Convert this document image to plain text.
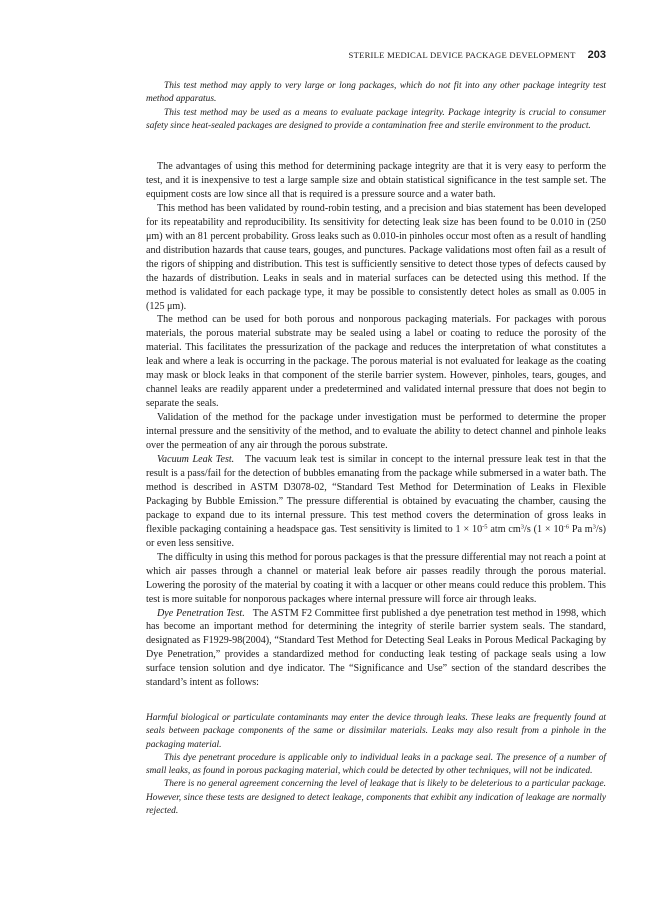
STERILE MEDICAL DEVICE PACKAGE DEVELOPMENT 203

This test method may apply to very large or long packages, which do not fit into any other package integrity test method apparatus.

This test method may be used as a means to evaluate package integrity. Package integrity is crucial to consumer safety since heat-sealed packages are designed to provide a contamination free and sterile environment to the product.

The advantages of using this method for determining package integrity are that it is very easy to perform the test, and it is inexpensive to test a large sample size and obtain statistical significance in the test sample set. The equipment costs are low since all that is required is a pressure source and a water bath.

This method has been validated by round-robin testing, and a precision and bias statement has been developed for its repeatability and reproducibility. Its sensitivity for detecting leak size has been found to be 0.010 in (250 μm) with an 81 percent probability. Gross leaks such as 0.010-in pinholes occur most often as a result of handling and distribution hazards that cause tears, gouges, and punctures. Package validations most often fail as a result of the rigors of shipping and distribution. This test is sufficiently sensitive to detect those types of defects caused by the hazards of distribution. Leaks in seals and in material surfaces can be detected using this method. If the method is validated for each package type, it may be possible to consistently detect holes as small as 0.005 in (125 μm).

The method can be used for both porous and nonporous packaging materials. For packages with porous materials, the porous material substrate may be sealed using a label or coating to reduce the porosity of the material. This facilitates the pressurization of the package and reduces the interpretation of what constitutes a leak and where a leak is occurring in the package. The porous material is not evaluated for leakage as the coating may mask or block leaks in that component of the sterile barrier system. However, pinholes, tears, gouges, and channel leaks are readily apparent under a predetermined and validated internal pressure that does not begin to separate the seals.

Validation of the method for the package under investigation must be performed to determine the proper internal pressure and the sensitivity of the method, and to evaluate the ability to detect channel and pinhole leaks over the permeation of any air through the porous substrate.

Vacuum Leak Test. The vacuum leak test is similar in concept to the internal pressure leak test in that the result is a pass/fail for the detection of bubbles emanating from the package while submersed in a water bath. The method is described in ASTM D3078-02, “Standard Test Method for Determination of Leaks in Flexible Packaging by Bubble Emission.” The pressure differential is obtained by evacuating the chamber, causing the package to expand due to its internal pressure. This test method covers the determination of gross leaks in flexible packaging containing a headspace gas. Test sensitivity is limited to $1 \times 10^{-5}$ atm $cm^3/s$ ($1 \times 10^{-6}$ Pa $m^3/s$) or even less sensitive.

The difficulty in using this method for porous packages is that the pressure differential may not reach a point at which air passes through a channel or material leak before air passes readily through the porous material. Lowering the porosity of the material by coating it with a lacquer or other means could reduce this problem. This test is more suitable for nonporous packages where internal pressure will force air through leaks.

Dye Penetration Test. The ASTM F2 Committee first published a dye penetration test method in 1998, which has become an important method for determining the integrity of sterile barrier system seals. The standard, designated as F1929-98(2004), “Standard Test Method for Detecting Seal Leaks in Porous Medical Packaging by Dye Penetration,” provides a standardized method for conducting leak testing of package seals using a low surface tension solution and dye indicator. The “Significance and Use” section of the standard describes the standard’s intent as follows:

Harmful biological or particulate contaminants may enter the device through leaks. These leaks are frequently found at seals between package components of the same or dissimilar materials. Leaks may also result from a pinhole in the packaging material.

This dye penetrant procedure is applicable only to individual leaks in a package seal. The presence of a number of small leaks, as found in porous packaging material, which could be detected by other techniques, will not be indicated.

There is no general agreement concerning the level of leakage that is likely to be deleterious to a particular package. However, since these tests are designed to detect leakage, components that exhibit any indication of leakage are normally rejected.
